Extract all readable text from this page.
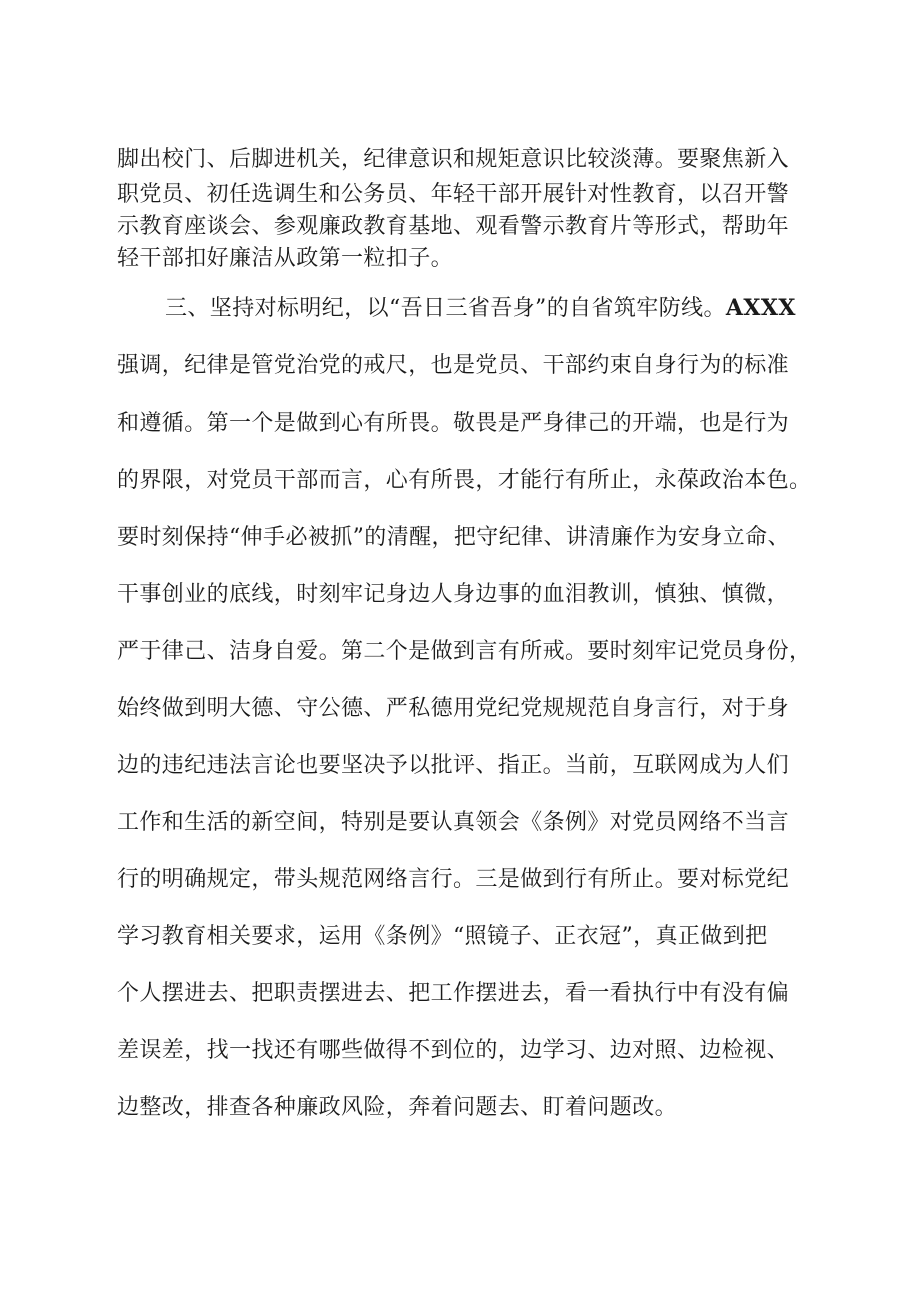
脚出校门、后脚进机关，纪律意识和规矩意识比较淡薄。要聚焦新入
职党员、初任选调生和公务员、年轻干部开展针对性教育，以召开警
示教育座谈会、参观廉政教育基地、观看警示教育片等形式，帮助年
轻干部扣好廉洁从政第一粒扣子。
三、坚持对标明纪，以“吾日三省吾身”的自省筑牢防线。AXXX
强调，纪律是管党治党的戒尺，也是党员、干部约束自身行为的标准
和遵循。第一个是做到心有所畏。敬畏是严身律己的开端，也是行为
的界限，对党员干部而言，心有所畏，才能行有所止，永葆政治本色。
要时刻保持“伸手必被抓”的清醒，把守纪律、讲清廉作为安身立命、
干事创业的底线，时刻牢记身边人身边事的血泪教训，慎独、慎微，
严于律己、洁身自爱。第二个是做到言有所戒。要时刻牢记党员身份，
始终做到明大德、守公德、严私德用党纪党规规范自身言行，对于身
边的违纪违法言论也要坚决予以批评、指正。当前，互联网成为人们
工作和生活的新空间，特别是要认真领会《条例》对党员网络不当言
行的明确规定，带头规范网络言行。三是做到行有所止。要对标党纪
学习教育相关要求，运用《条例》“照镜子、正衣冠”，真正做到把
个人摆进去、把职责摆进去、把工作摆进去，看一看执行中有没有偏
差误差，找一找还有哪些做得不到位的，边学习、边对照、边检视、
边整改，排查各种廉政风险，奔着问题去、盯着问题改。
